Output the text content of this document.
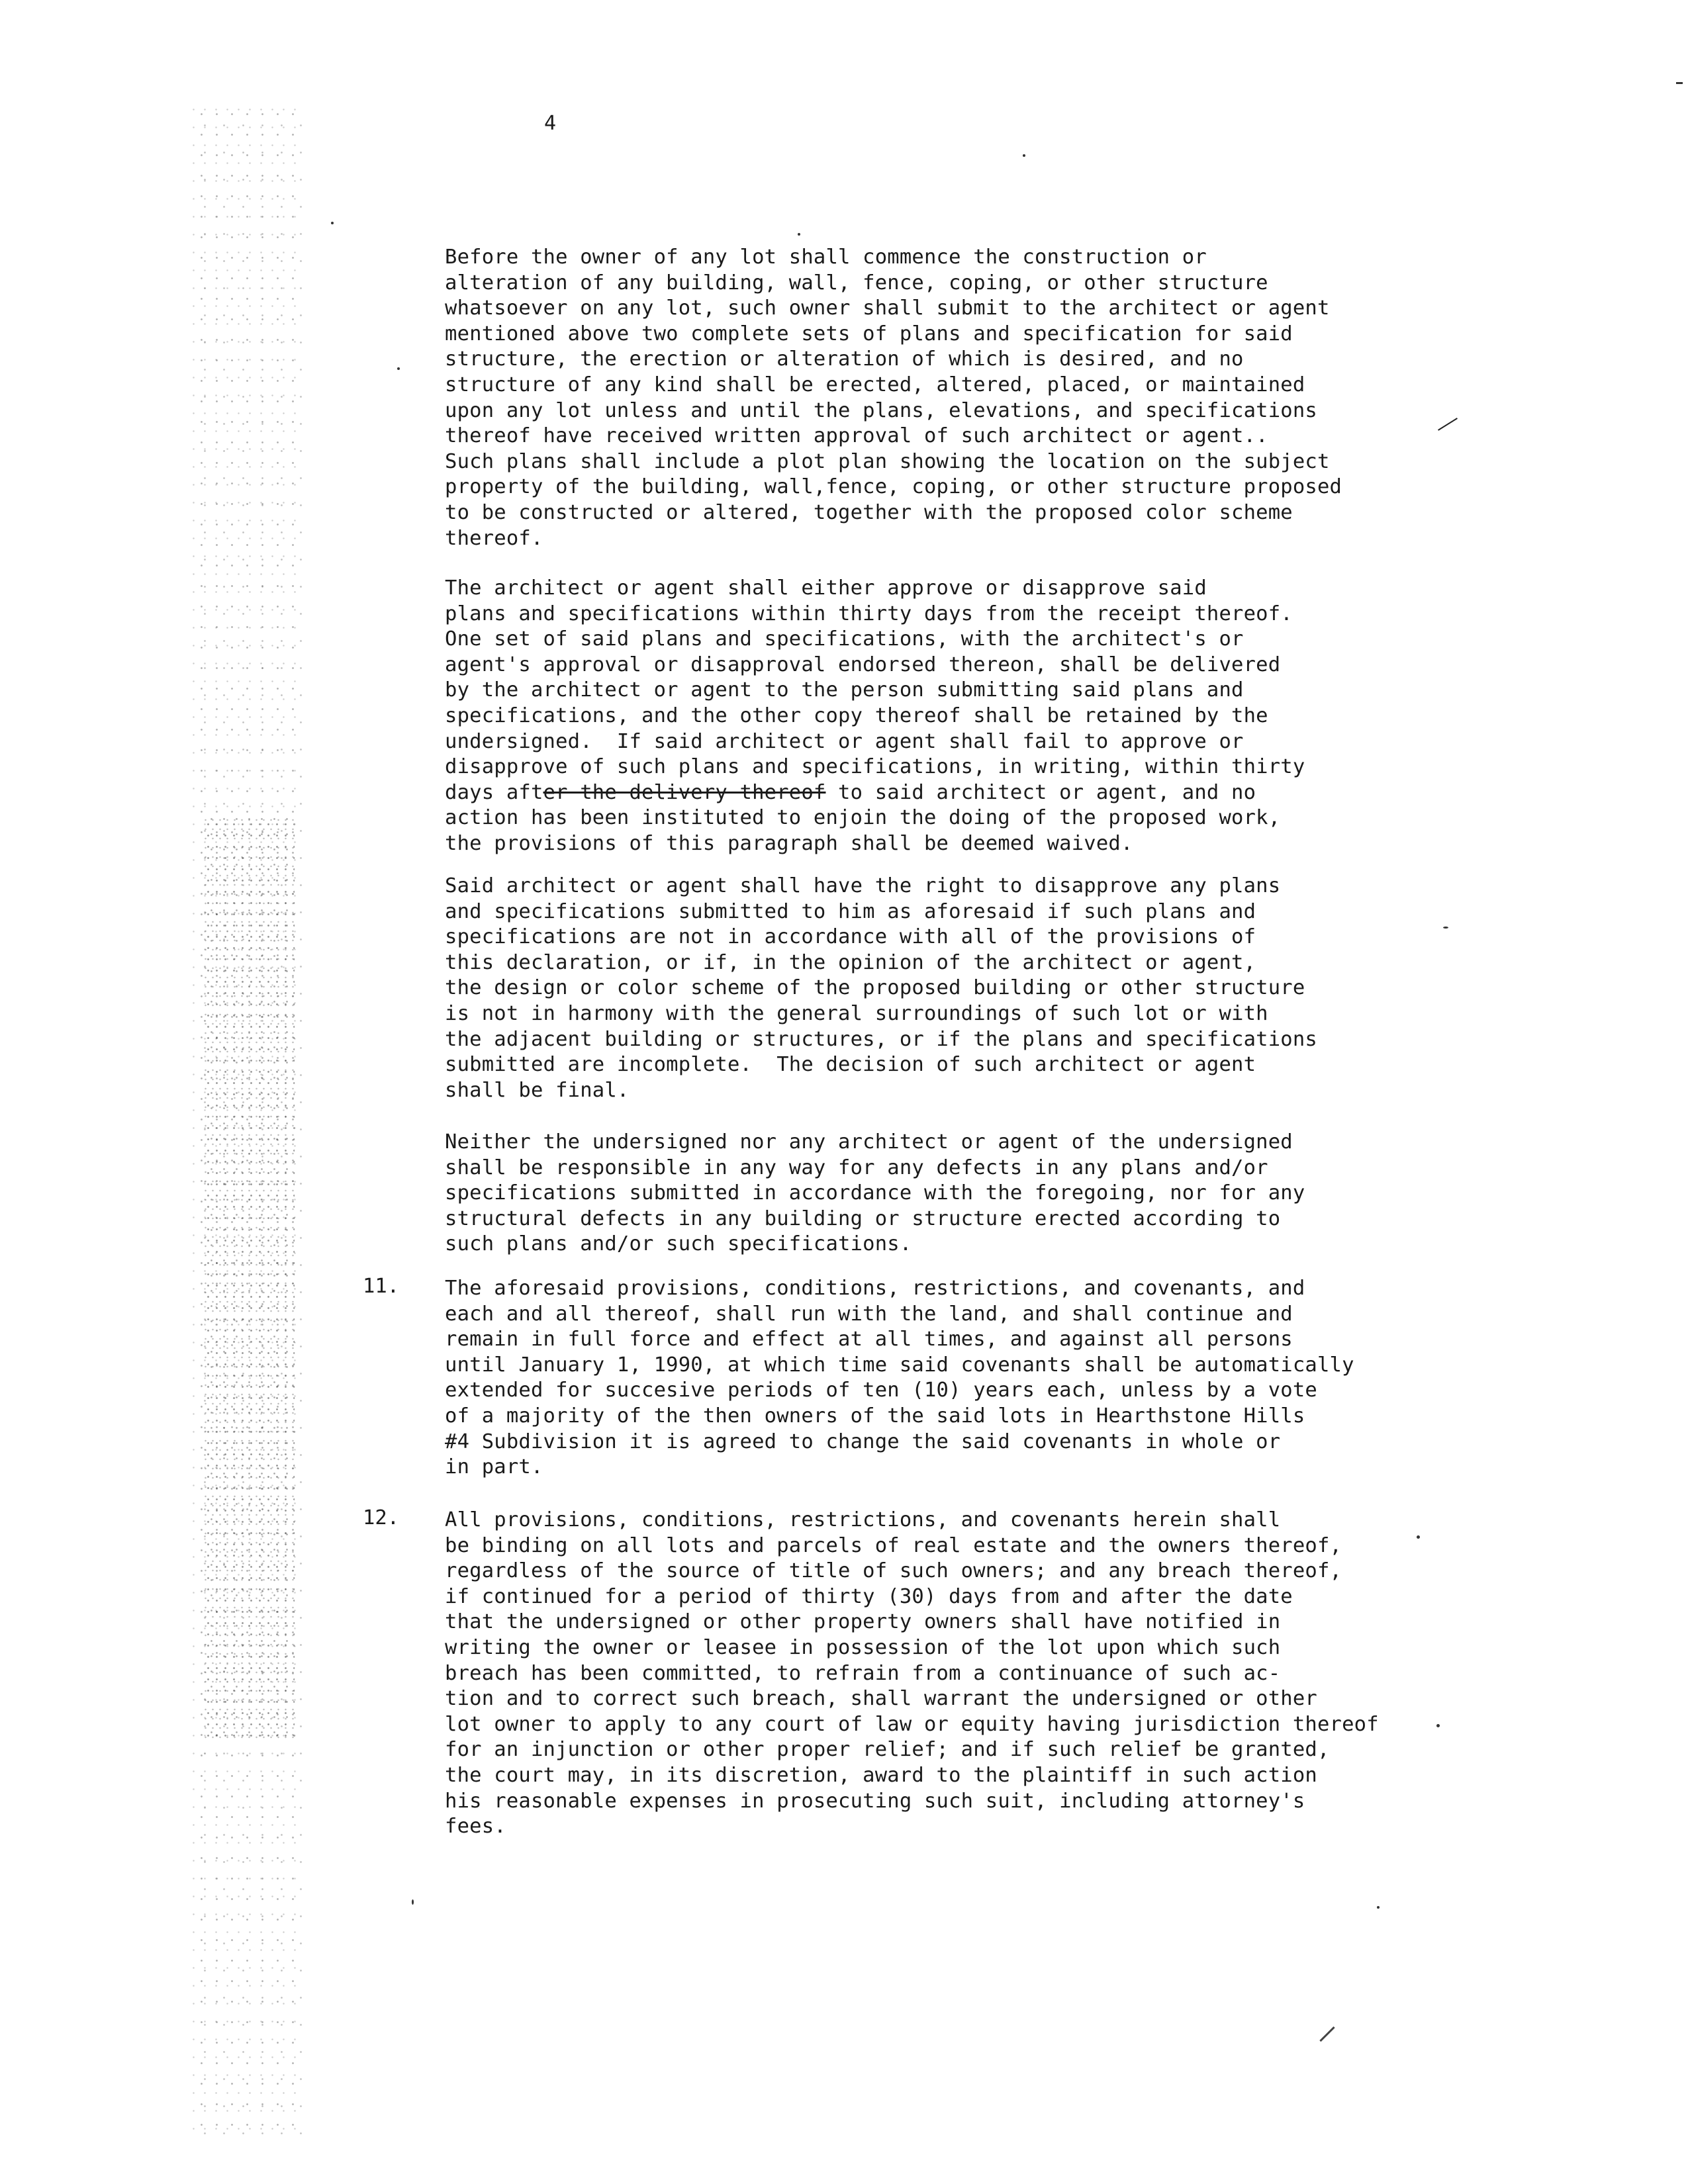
4
Before the owner of any lot shall commence the construction or
alteration of any building, wall, fence, coping, or other structure
whatsoever on any lot, such owner shall submit to the architect or agent
mentioned above two complete sets of plans and specification for said
structure, the erection or alteration of which is desired, and no
structure of any kind shall be erected, altered, placed, or maintained
upon any lot unless and until the plans, elevations, and specifications
thereof have received written approval of such architect or agent..
Such plans shall include a plot plan showing the location on the subject
property of the building, wall,fence, coping, or other structure proposed
to be constructed or altered, together with the proposed color scheme
thereof.
The architect or agent shall either approve or disapprove said
plans and specifications within thirty days from the receipt thereof.
One set of said plans and specifications, with the architect's or
agent's approval or disapproval endorsed thereon, shall be delivered
by the architect or agent to the person submitting said plans and
specifications, and the other copy thereof shall be retained by the
undersigned.  If said architect or agent shall fail to approve or
disapprove of such plans and specifications, in writing, within thirty
days after the delivery thereof to said architect or agent, and no
action has been instituted to enjoin the doing of the proposed work,
the provisions of this paragraph shall be deemed waived.
Said architect or agent shall have the right to disapprove any plans
and specifications submitted to him as aforesaid if such plans and
specifications are not in accordance with all of the provisions of
this declaration, or if, in the opinion of the architect or agent,
the design or color scheme of the proposed building or other structure
is not in harmony with the general surroundings of such lot or with
the adjacent building or structures, or if the plans and specifications
submitted are incomplete.  The decision of such architect or agent
shall be final.
Neither the undersigned nor any architect or agent of the undersigned
shall be responsible in any way for any defects in any plans and/or
specifications submitted in accordance with the foregoing, nor for any
structural defects in any building or structure erected according to
such plans and/or such specifications.
11. The aforesaid provisions, conditions, restrictions, and covenants, and
each and all thereof, shall run with the land, and shall continue and
remain in full force and effect at all times, and against all persons
until January 1, 1990, at which time said covenants shall be automatically
extended for succesive periods of ten (10) years each, unless by a vote
of a majority of the then owners of the said lots in Hearthstone Hills
#4 Subdivision it is agreed to change the said covenants in whole or
in part.
12. All provisions, conditions, restrictions, and covenants herein shall
be binding on all lots and parcels of real estate and the owners thereof,
regardless of the source of title of such owners; and any breach thereof,
if continued for a period of thirty (30) days from and after the date
that the undersigned or other property owners shall have notified in
writing the owner or leasee in possession of the lot upon which such
breach has been committed, to refrain from a continuance of such ac-
tion and to correct such breach, shall warrant the undersigned or other
lot owner to apply to any court of law or equity having jurisdiction thereof
for an injunction or other proper relief; and if such relief be granted,
the court may, in its discretion, award to the plaintiff in such action
his reasonable expenses in prosecuting such suit, including attorney's
fees.
